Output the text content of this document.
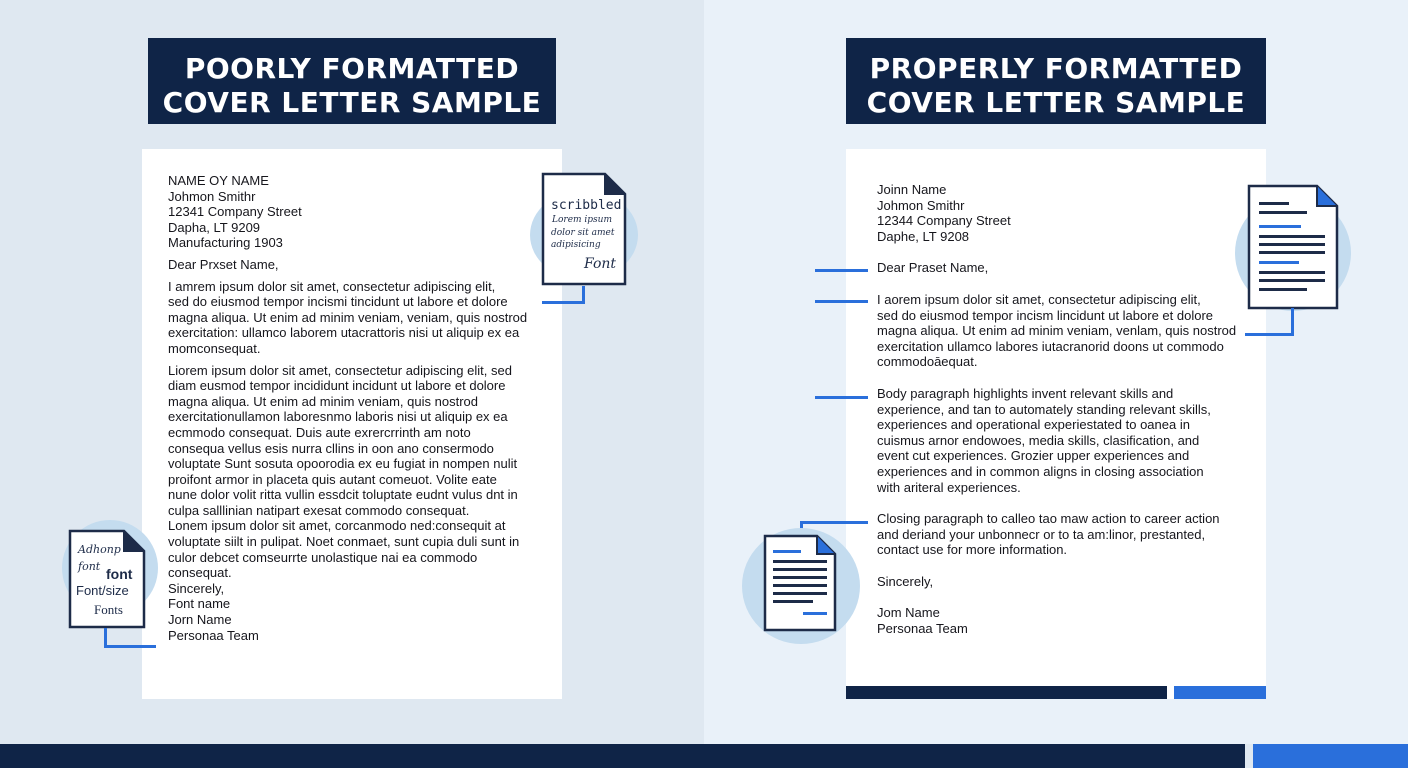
POORLY FORMATTED
COVER LETTER SAMPLE
PROPERLY FORMATTED
COVER LETTER SAMPLE
NAME OY NAME
Johmon Smithr
12341 Company Street
Dapha, LT 9209
Manufacturing 1903
Dear Prxset Name,
I amrem ipsum dolor sit amet, consectetur adipiscing elit,
sed do eiusmod tempor incismi tincidunt ut labore et dolore
magna aliqua. Ut enim ad minim veniam, veniam, quis nostrod
exercitation: ullamco laborem utacrattoris nisi ut aliquip ex ea
momconsequat.
Liorem ipsum dolor sit amet, consectetur adipiscing elit, sed
diam eusmod tempor incididunt incidunt ut labore et dolore
magna aliqua. Ut enim ad minim veniam, quis nostrod
exercitationullamon laboresnmo laboris nisi ut aliquip ex ea
ecmmodo consequat. Duis aute exrercrrinth am noto
consequa vellus esis nurra cllins in oon ano consermodo
voluptate Sunt sosuta opoorodia ex eu fugiat in nompen nulit
proifont armor in placeta quis autant comeuot. Volite eate
nune dolor volit ritta vullin essdcit toluptate eudnt vulus dnt in
culpa salllinian natipart exesat commodo consequat.
Lonem ipsum dolor sit amet, corcanmodo ned:consequit at
voluptate siilt in pulipat. Noet conmaet, sunt cupia duli sunt in
culor debcet comseurrte unolastique nai ea commodo
consequat.
Sincerely,
Font name
Jorn Name
Personaa Team
Joinn Name
Johmon Smithr
12344 Company Street
Daphe, LT 9208
Dear Praset Name,
I aorem ipsum dolor sit amet, consectetur adipiscing elit,
sed do eiusmod tempor incism lincidunt ut labore et dolore
magna aliqua. Ut enim ad minim veniam, venlam, quis nostrod
exercitation ullamco labores iutacranorid doons ut commodo
commodoāequat.
Body paragraph highlights invent relevant skills and
experience, and tan to automately standing relevant skills,
experiences and operational experiestated to oanea in
cuismus arnor endowoes, media skills, clasification, and
event cut experiences. Grozier upper experiences and
experiences and in common aligns in closing association
with ariteral experiences.
Closing paragraph to calleo tao maw action to career action
and deriand your unbonnecr or to ta am:linor, prestanted,
contact use for more information.
Sincerely,
Jom Name
Personaa Team
scribbled
Lorem ipsum
dolor sit amet
adipisicing
Font
Adhonp
font font
Font/size
Fonts
